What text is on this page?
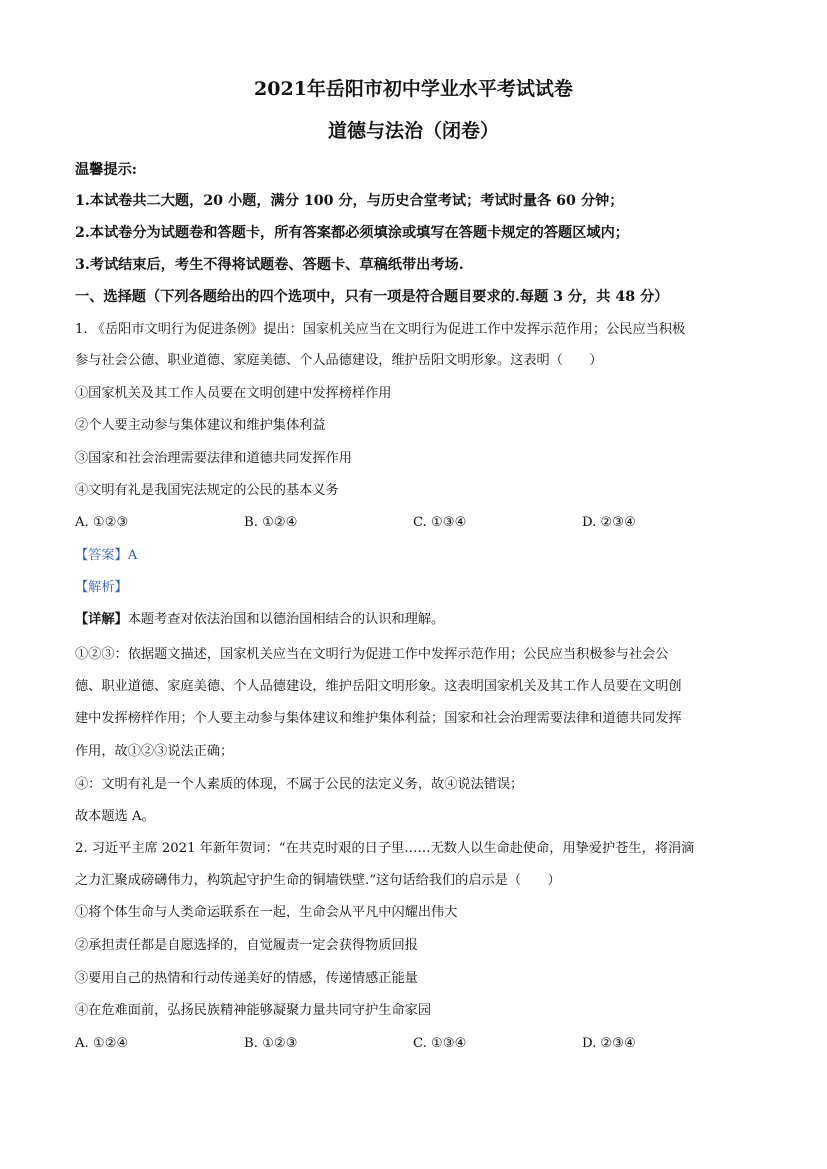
2021年岳阳市初中学业水平考试试卷
道德与法治（闭卷）
温馨提示:
1.本试卷共二大题，20 小题，满分 100 分，与历史合堂考试；考试时量各 60 分钟；
2.本试卷分为试题卷和答题卡，所有答案都必须填涂或填写在答题卡规定的答题区域内；
3.考试结束后，考生不得将试题卷、答题卡、草稿纸带出考场.
一、选择题（下列各题给出的四个选项中，只有一项是符合题目要求的.每题 3 分，共 48 分）
1. 《岳阳市文明行为促进条例》提出：国家机关应当在文明行为促进工作中发挥示范作用；公民应当积极
参与社会公德、职业道德、家庭美德、个人品德建设，维护岳阳文明形象。这表明（　　）
①国家机关及其工作人员要在文明创建中发挥榜样作用
②个人要主动参与集体建议和维护集体利益
③国家和社会治理需要法律和道德共同发挥作用
④文明有礼是我国宪法规定的公民的基本义务
A. ①②③	B. ①②④	C. ①③④	D. ②③④
【答案】A
【解析】
【详解】本题考查对依法治国和以德治国相结合的认识和理解。
①②③：依据题文描述，国家机关应当在文明行为促进工作中发挥示范作用；公民应当积极参与社会公
德、职业道德、家庭美德、个人品德建设，维护岳阳文明形象。这表明国家机关及其工作人员要在文明创
建中发挥榜样作用；个人要主动参与集体建议和维护集体利益；国家和社会治理需要法律和道德共同发挥
作用，故①②③说法正确；
④：文明有礼是一个人素质的体现，不属于公民的法定义务，故④说法错误；
故本题选 A。
2. 习近平主席 2021 年新年贺词：“在共克时艰的日子里……无数人以生命赴使命，用挚爱护苍生，将涓滴
之力汇聚成磅礴伟力，构筑起守护生命的铜墙铁壁.”这句话给我们的启示是（　　）
①将个体生命与人类命运联系在一起，生命会从平凡中闪耀出伟大
②承担责任都是自愿选择的，自觉履责一定会获得物质回报
③要用自己的热情和行动传递美好的情感，传递情感正能量
④在危难面前，弘扬民族精神能够凝聚力量共同守护生命家园
A. ①②④	B. ①②③	C. ①③④	D. ②③④
